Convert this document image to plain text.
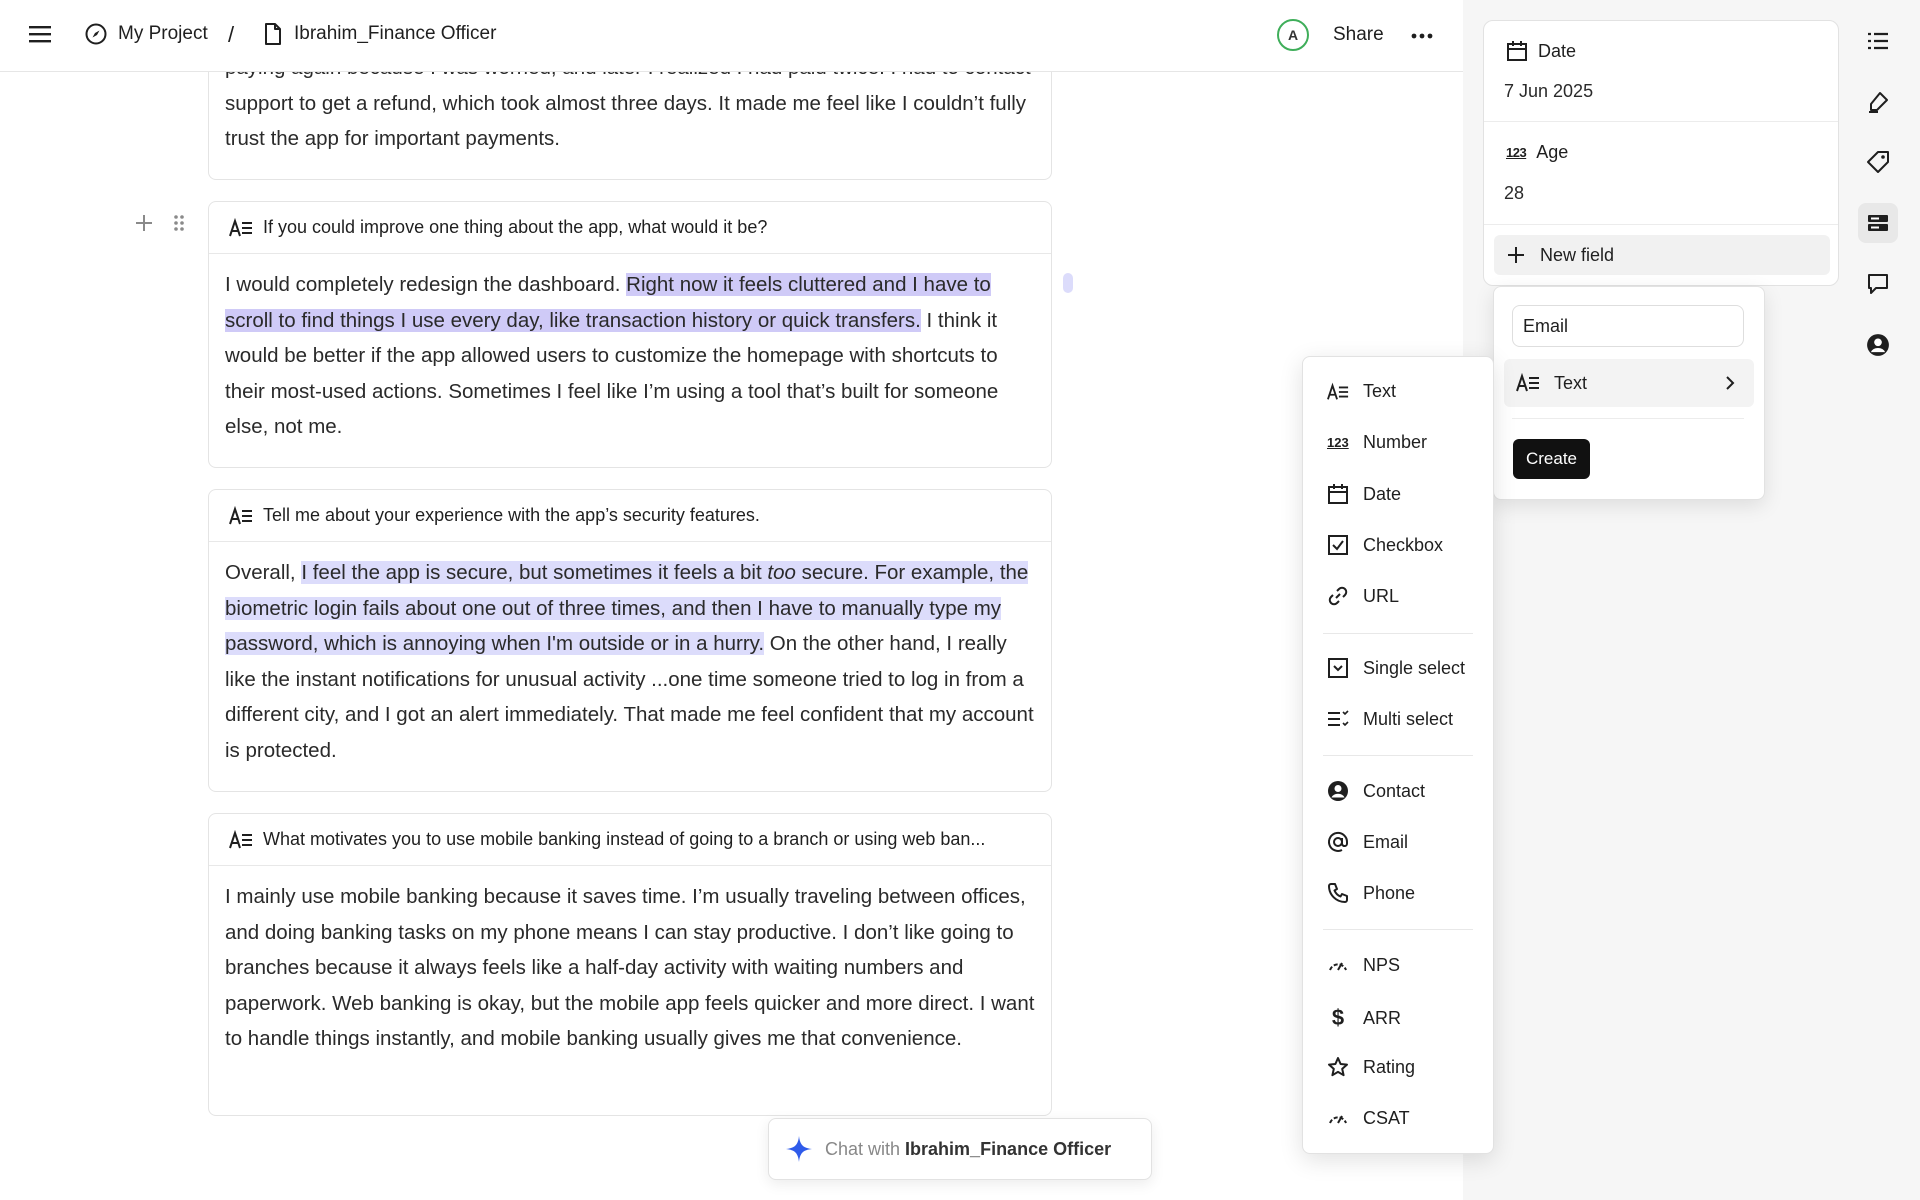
My Project /	Ibrahim_Finance Officer	A	Share
support to get a refund, which took almost three days. It made me feel like I couldn’t fully trust the app for important payments.
If you could improve one thing about the app, what would it be?
I would completely redesign the dashboard. Right now it feels cluttered and I have to scroll to find things I use every day, like transaction history or quick transfers. I think it would be better if the app allowed users to customize the homepage with shortcuts to their most-used actions. Sometimes I feel like I’m using a tool that’s built for someone else, not me.
Tell me about your experience with the app’s security features.
Overall, I feel the app is secure, but sometimes it feels a bit too secure. For example, the biometric login fails about one out of three times, and then I have to manually type my password, which is annoying when I'm outside or in a hurry. On the other hand, I really like the instant notifications for unusual activity ...one time someone tried to log in from a different city, and I got an alert immediately. That made me feel confident that my account is protected.
What motivates you to use mobile banking instead of going to a branch or using web ban...
I mainly use mobile banking because it saves time. I’m usually traveling between offices, and doing banking tasks on my phone means I can stay productive. I don’t like going to branches because it always feels like a half-day activity with waiting numbers and paperwork. Web banking is okay, but the mobile app feels quicker and more direct. I want to handle things instantly, and mobile banking usually gives me that convenience.
Chat with Ibrahim_Finance Officer
Date
7 Jun 2025
123 Age
28
New field
Email
Text
Create
Text
123 Number
Date
Checkbox
URL
Single select
Multi select
Contact
Email
Phone
NPS
$ ARR
Rating
CSAT
